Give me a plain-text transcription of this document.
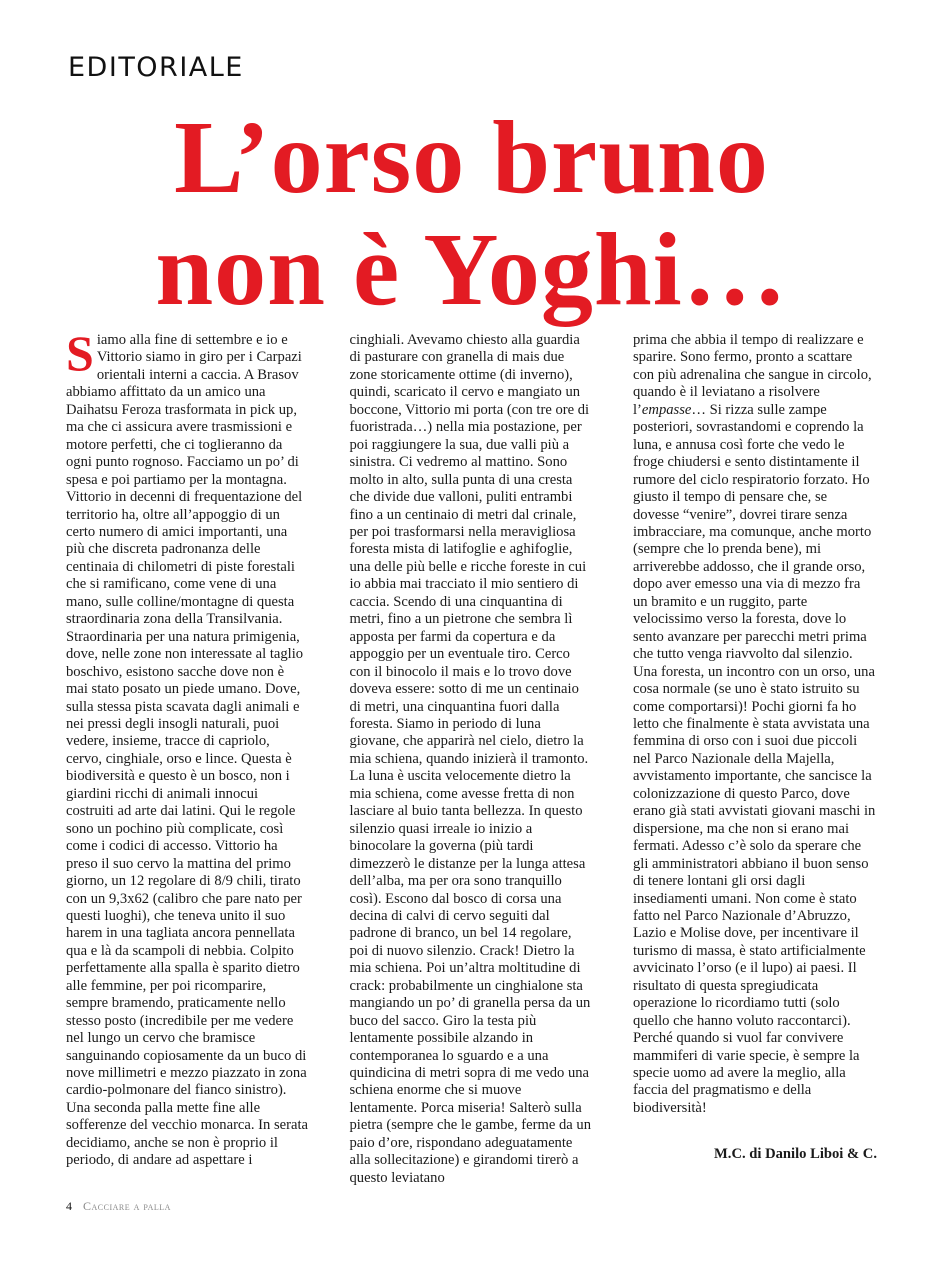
EDITORIALE
L’orso bruno
non è Yoghi…

Siamo alla fine di settembre e io e Vittorio siamo in giro per i Carpazi orientali interni a caccia. A Brasov abbiamo affittato da un amico una Daihatsu Feroza trasformata in pick up, ma che ci assicura avere trasmissioni e motore perfetti, che ci toglieranno da ogni punto rognoso. Facciamo un po’ di spesa e poi partiamo per la montagna. Vittorio in decenni di frequentazione del territorio ha, oltre all’appoggio di un certo numero di amici importanti, una più che discreta padronanza delle centinaia di chilometri di piste forestali che si ramificano, come vene di una mano, sulle colline/montagne di questa straordinaria zona della Transilvania. Straordinaria per una natura primigenia, dove, nelle zone non interessate al taglio boschivo, esistono sacche dove non è mai stato posato un piede umano. Dove, sulla stessa pista scavata dagli animali e nei pressi degli insogli naturali, puoi vedere, insieme, tracce di capriolo, cervo, cinghiale, orso e lince. Questa è biodiversità e questo è un bosco, non i giardini ricchi di animali innocui costruiti ad arte dai latini. Qui le regole sono un pochino più complicate, così come i codici di accesso. Vittorio ha preso il suo cervo la mattina del primo giorno, un 12 regolare di 8/9 chili, tirato con un 9,3x62 (calibro che pare nato per questi luoghi), che teneva unito il suo harem in una tagliata ancora pennellata qua e là da scampoli di nebbia. Colpito perfettamente alla spalla è sparito dietro alle femmine, per poi ricomparire, sempre bramendo, praticamente nello stesso posto (incredibile per me vedere nel lungo un cervo che bramisce sanguinando copiosamente da un buco di nove millimetri e mezzo piazzato in zona cardio-polmonare del fianco sinistro). Una seconda palla mette fine alle sofferenze del vecchio monarca. In serata decidiamo, anche se non è proprio il periodo, di andare ad aspettare i

cinghiali. Avevamo chiesto alla guardia di pasturare con granella di mais due zone storicamente ottime (di inverno), quindi, scaricato il cervo e mangiato un boccone, Vittorio mi porta (con tre ore di fuoristrada…) nella mia postazione, per poi raggiungere la sua, due valli più a sinistra. Ci vedremo al mattino. Sono molto in alto, sulla punta di una cresta che divide due valloni, puliti entrambi fino a un centinaio di metri dal crinale, per poi trasformarsi nella meravigliosa foresta mista di latifoglie e aghifoglie, una delle più belle e ricche foreste in cui io abbia mai tracciato il mio sentiero di caccia. Scendo di una cinquantina di metri, fino a un pietrone che sembra lì apposta per farmi da copertura e da appoggio per un eventuale tiro. Cerco con il binocolo il mais e lo trovo dove doveva essere: sotto di me un centinaio di metri, una cinquantina fuori dalla foresta. Siamo in periodo di luna giovane, che apparirà nel cielo, dietro la mia schiena, quando inizierà il tramonto. La luna è uscita velocemente dietro la mia schiena, come avesse fretta di non lasciare al buio tanta bellezza. In questo silenzio quasi irreale io inizio a binocolare la governa (più tardi dimezzerò le distanze per la lunga attesa dell’alba, ma per ora sono tranquillo così). Escono dal bosco di corsa una decina di calvi di cervo seguiti dal padrone di branco, un bel 14 regolare, poi di nuovo silenzio. Crack! Dietro la mia schiena. Poi un’altra moltitudine di crack: probabilmente un cinghialone sta mangiando un po’ di granella persa da un buco del sacco. Giro la testa più lentamente possibile alzando in contemporanea lo sguardo e a una quindicina di metri sopra di me vedo una schiena enorme che si muove lentamente. Porca miseria! Salterò sulla pietra (sempre che le gambe, ferme da un paio d’ore, rispondano adeguatamente alla sollecitazione) e girandomi tirerò a questo leviatano

prima che abbia il tempo di realizzare e sparire. Sono fermo, pronto a scattare con più adrenalina che sangue in circolo, quando è il leviatano a risolvere l’empasse… Si rizza sulle zampe posteriori, sovrastandomi e coprendo la luna, e annusa così forte che vedo le froge chiudersi e sento distintamente il rumore del ciclo respiratorio forzato. Ho giusto il tempo di pensare che, se dovesse “venire”, dovrei tirare senza imbracciare, ma comunque, anche morto (sempre che lo prenda bene), mi arriverebbe addosso, che il grande orso, dopo aver emesso una via di mezzo fra un bramito e un ruggito, parte velocissimo verso la foresta, dove lo sento avanzare per parecchi metri prima che tutto venga riavvolto dal silenzio. Una foresta, un incontro con un orso, una cosa normale (se uno è stato istruito su come comportarsi)! Pochi giorni fa ho letto che finalmente è stata avvistata una femmina di orso con i suoi due piccoli nel Parco Nazionale della Majella, avvistamento importante, che sancisce la colonizzazione di questo Parco, dove erano già stati avvistati giovani maschi in dispersione, ma che non si erano mai fermati. Adesso c’è solo da sperare che gli amministratori abbiano il buon senso di tenere lontani gli orsi dagli insediamenti umani. Non come è stato fatto nel Parco Nazionale d’Abruzzo, Lazio e Molise dove, per incentivare il turismo di massa, è stato artificialmente avvicinato l’orso (e il lupo) ai paesi. Il risultato di questa spregiudicata operazione lo ricordiamo tutti (solo quello che hanno voluto raccontarci). Perché quando si vuol far convivere mammiferi di varie specie, è sempre la specie uomo ad avere la meglio, alla faccia del pragmatismo e della biodiversità!

M.C. di Danilo Liboi & C.
4 Cacciare a palla
